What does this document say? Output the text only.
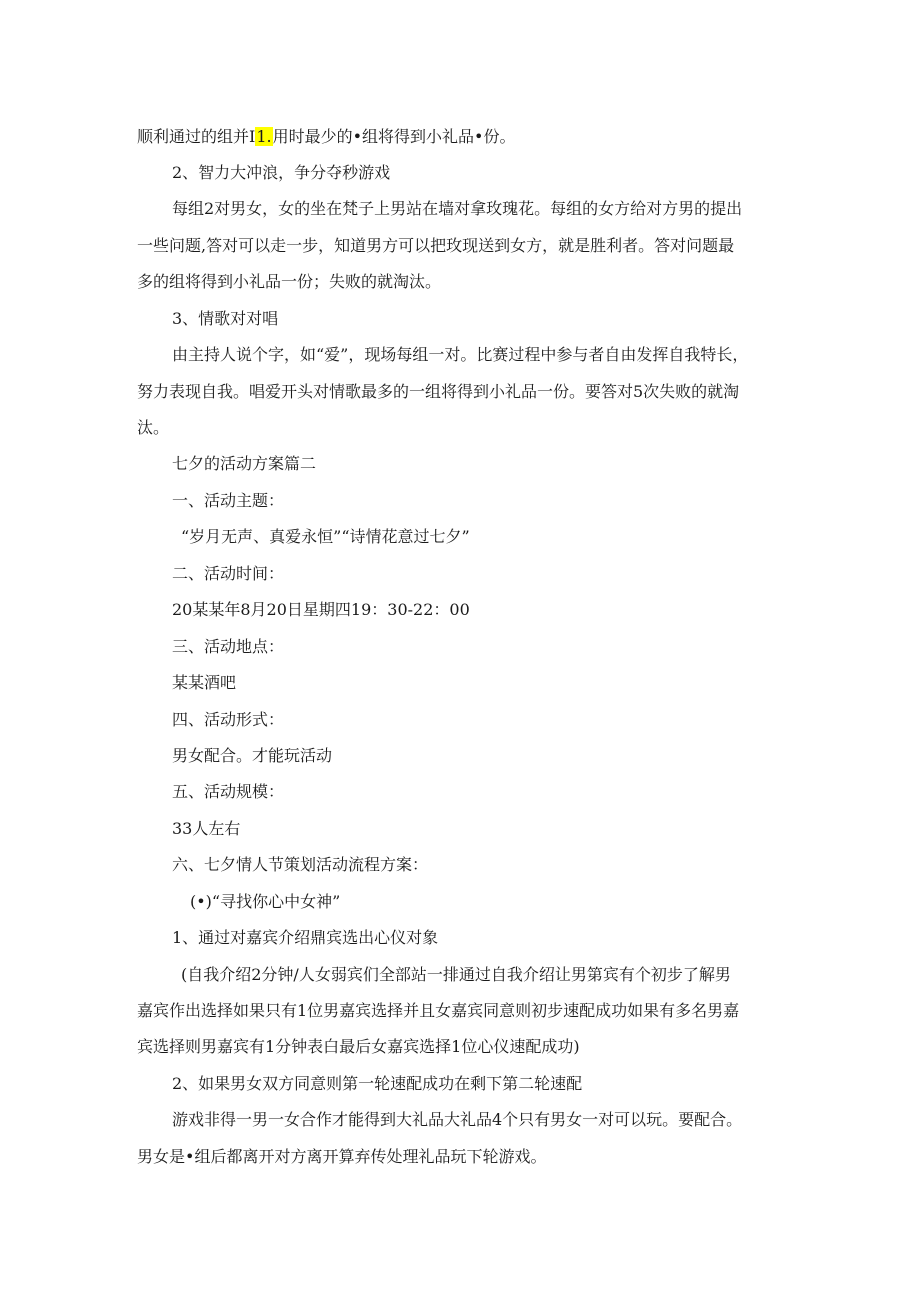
顺利通过的组并I1.用时最少的•组将得到小礼品•份。
2、智力大冲浪，争分夺秒游戏
每组2对男女，女的坐在梵子上男站在墙对拿玫瑰花。每组的女方给对方男的提出
一些问题,答对可以走一步，知道男方可以把玫现送到女方，就是胜利者。答对问题最
多的组将得到小礼品一份；失败的就淘汰。
3、情歌对对唱
由主持人说个字，如“爱”，现场每组一对。比赛过程中参与者自由发挥自我特长，
努力表现自我。唱爱开头对情歌最多的一组将得到小礼品一份。要答对5次失败的就淘
汰。
七夕的活动方案篇二
一、活动主题：
“岁月无声、真爱永恒”“诗情花意过七夕”
二、活动时间：
20某某年8月20日星期四19：30-22：00
三、活动地点：
某某酒吧
四、活动形式：
男女配合。才能玩活动
五、活动规模：
33人左右
六、七夕情人节策划活动流程方案：
(•)“寻找你心中女神”
1、通过对嘉宾介绍鼎宾选出心仪对象
(自我介绍2分钟/人女弱宾们全部站一排通过自我介绍让男第宾有个初步了解男
嘉宾作出选择如果只有1位男嘉宾选择并且女嘉宾同意则初步速配成功如果有多名男嘉
宾选择则男嘉宾有1分钟表白最后女嘉宾选择1位心仪速配成功)
2、如果男女双方同意则第一轮速配成功在剩下第二轮速配
游戏非得一男一女合作才能得到大礼品大礼品4个只有男女一对可以玩。要配合。
男女是•组后都离开对方离开算弃传处理礼品玩下轮游戏。
